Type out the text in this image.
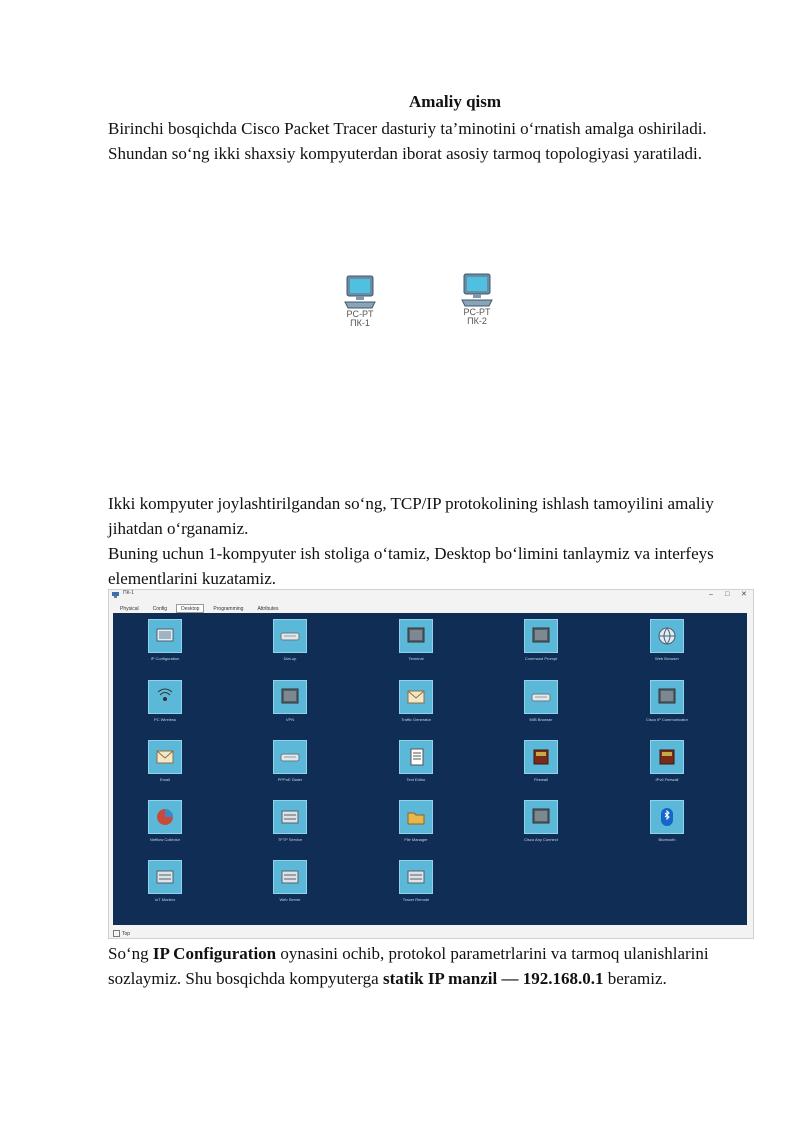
Amaliy qism

Birinchi bosqichda Cisco Packet Tracer dasturiy ta’minotini o‘rnatish amalga oshiriladi. Shundan so‘ng ikki shaxsiy kompyuterdan iborat asosiy tarmoq topologiyasi yaratiladi.

PC-PT
ПК-1
PC-PT
ПК-2
Ikki kompyuter joylashtirilgandan so‘ng, TCP/IP protokolining ishlash tamoyilini amaliy jihatdan o‘rganamiz.
Buning uchun 1-kompyuter ish stoliga o‘tamiz, Desktop bo‘limini tanlaymiz va interfeys elementlarini kuzatamiz.
ПК-1	– □ ✕
Physical	Config	Desktop	Programming	Attributes
IP Configuration	Dial-up	Terminal	Command Prompt	Web Browser
PC Wireless	VPN	Traffic Generator	MIB Browser	Cisco IP Communicator
Email	PPPoE Dialer	Text Editor	Firewall	IPv6 Firewall
Netflow Collector	TFTP Service	File Manager	Cisco Any Connect	Bluetooth
IoT Monitor	Web Server	Tracer Remote
Top

So‘ng IP Configuration oynasini ochib, protokol parametrlarini va tarmoq ulanishlarini sozlaymiz. Shu bosqichda kompyuterga statik IP manzil — 192.168.0.1 beramiz.
